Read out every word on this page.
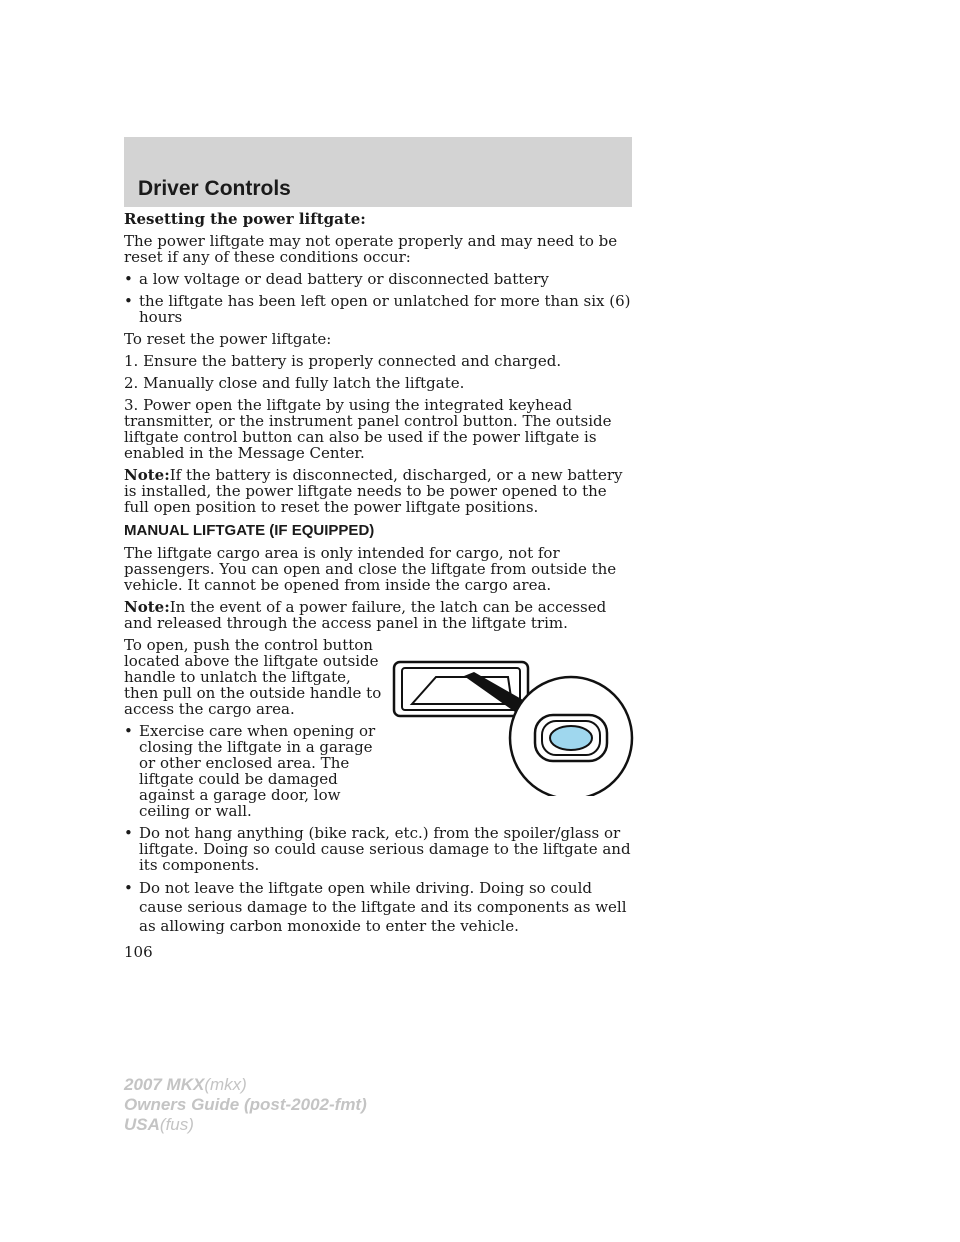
Driver Controls

Resetting the power liftgate:

The power liftgate may not operate properly and may need to be reset if any of these conditions occur:

• a low voltage or dead battery or disconnected battery
• the liftgate has been left open or unlatched for more than six (6) hours

To reset the power liftgate:

1. Ensure the battery is properly connected and charged.

2. Manually close and fully latch the liftgate.

3. Power open the liftgate by using the integrated keyhead transmitter, or the instrument panel control button. The outside liftgate control button can also be used if the power liftgate is enabled in the Message Center.

Note:If the battery is disconnected, discharged, or a new battery is installed, the power liftgate needs to be power opened to the full open position to reset the power liftgate positions.

MANUAL LIFTGATE (IF EQUIPPED)

The liftgate cargo area is only intended for cargo, not for passengers. You can open and close the liftgate from outside the vehicle. It cannot be opened from inside the cargo area.

Note:In the event of a power failure, the latch can be accessed and released through the access panel in the liftgate trim.

To open, push the control button located above the liftgate outside handle to unlatch the liftgate, then pull on the outside handle to access the cargo area.

• Exercise care when opening or closing the liftgate in a garage or other enclosed area. The liftgate could be damaged against a garage door, low ceiling or wall.
• Do not hang anything (bike rack, etc.) from the spoiler/glass or liftgate. Doing so could cause serious damage to the liftgate and its components.
• Do not leave the liftgate open while driving. Doing so could cause serious damage to the liftgate and its components as well as allowing carbon monoxide to enter the vehicle.
106
2007 MKX(mkx)
Owners Guide (post-2002-fmt)
USA(fus)
